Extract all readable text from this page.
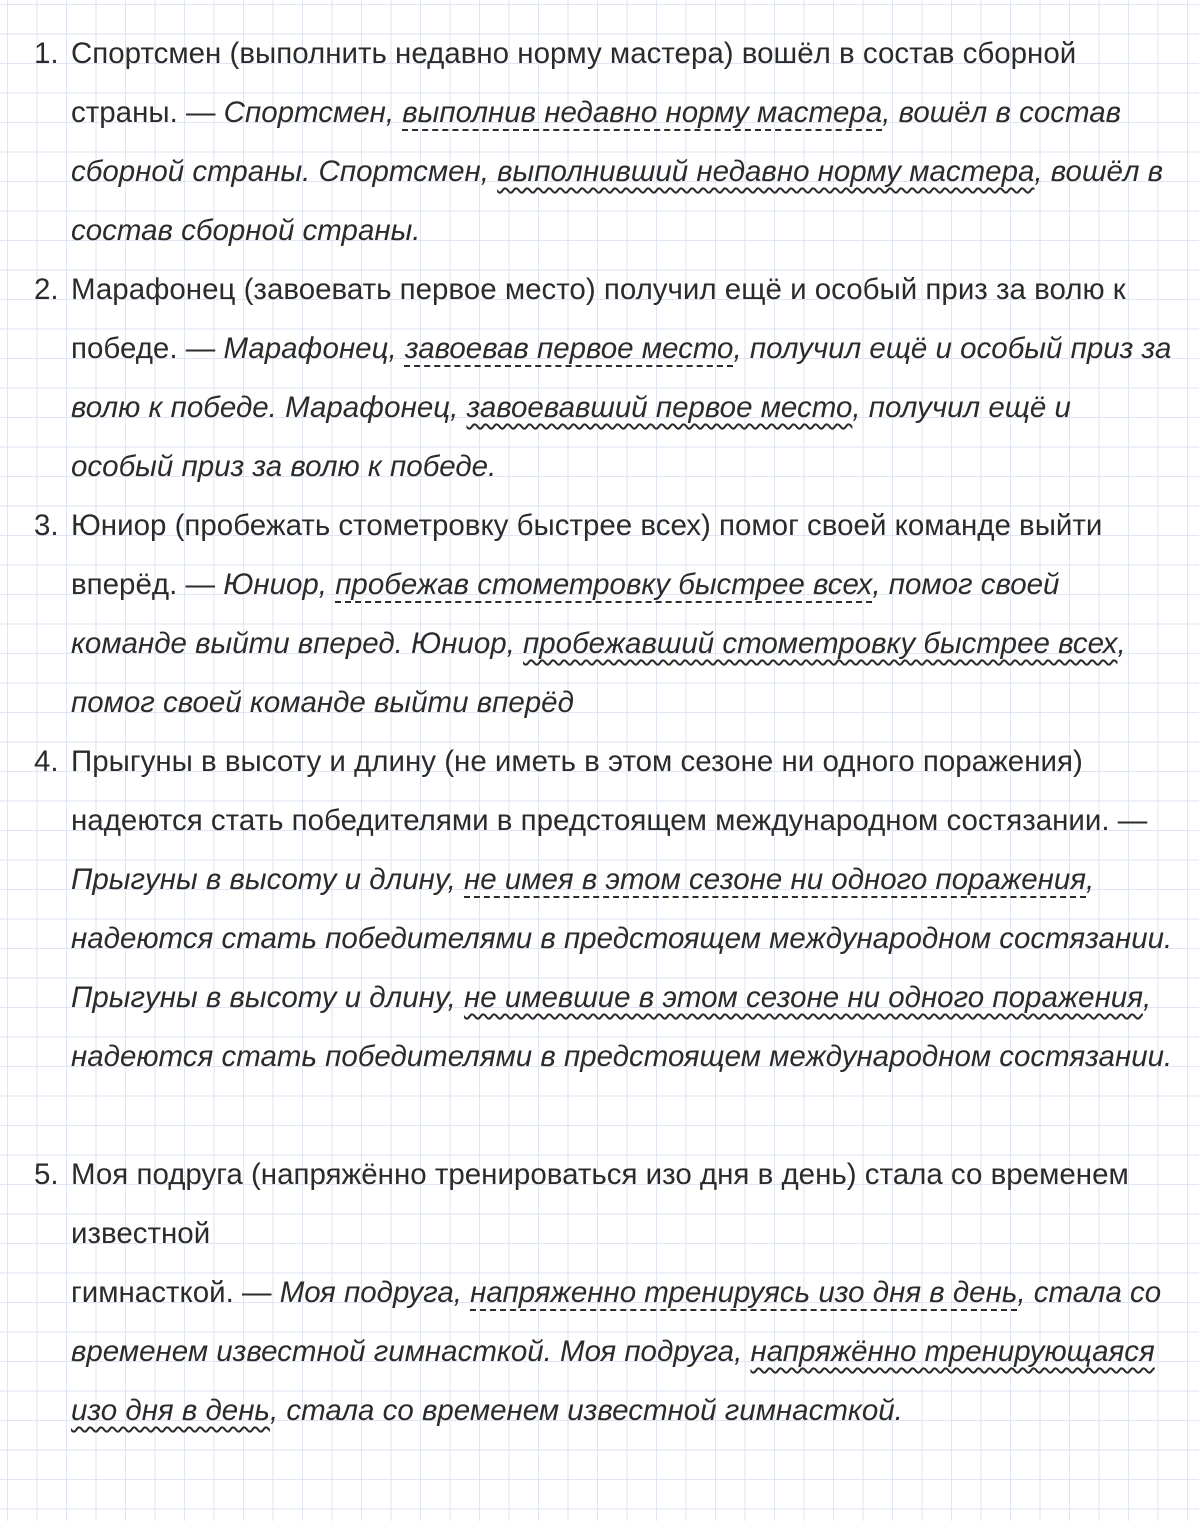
1. Спортсмен (выполнить недавно норму мастера) вошёл в состав сборной страны. — Спортсмен, выполнив недавно норму мастера, вошёл в состав сборной страны. Спортсмен, выполнивший недавно норму мастера, вошёл в состав сборной страны.
2. Марафонец (завоевать первое место) получил ещё и особый приз за волю к победе. — Марафонец, завоевав первое место, получил ещё и особый приз за волю к победе. Марафонец, завоевавший первое место, получил ещё и особый приз за волю к победе.
3. Юниор (пробежать стометровку быстрее всех) помог своей команде выйти вперёд. — Юниор, пробежав стометровку быстрее всех, помог своей команде выйти вперед. Юниор, пробежавший стометровку быстрее всех, помог своей команде выйти вперёд
4. Прыгуны в высоту и длину (не иметь в этом сезоне ни одного поражения) надеются стать победителями в предстоящем международном состязании. — Прыгуны в высоту и длину, не имея в этом сезоне ни одного поражения, надеются стать победителями в предстоящем международном состязании. Прыгуны в высоту и длину, не имевшие в этом сезоне ни одного поражения, надеются стать победителями в предстоящем международном состязании.
5. Моя подруга (напряжённо тренироваться изо дня в день) стала со временем известной
гимнасткой. — Моя подруга, напряженно тренируясь изо дня в день, стала со временем известной гимнасткой. Моя подруга, напряжённо тренирующаяся изо дня в день, стала со временем известной гимнасткой.
